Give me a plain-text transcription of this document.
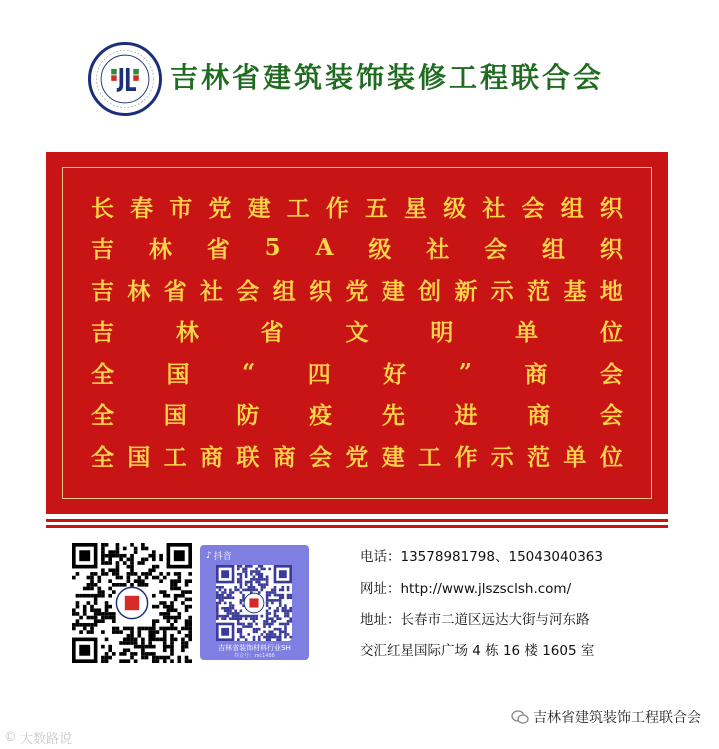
吉林省建筑装饰装修工程联合会
长 春 市 党 建 工 作 五 星 级 社 会 组 织
吉 林 省 5 A 级 社 会 组 织
吉 林 省 社 会 组 织 党 建 创 新 示 范 基 地
吉	林	省	文	明	单	位
全 国 “ 四 好 ” 商 会
全 国 防 疫 先 进 商 会
全 国 工 商 联 商 会 党 建 工 作 示 范 单 位
♪ 抖音
吉林省装饰材料行业SH
抖音号：zsc1488
电话：13578981798、15043040363
网址：http://www.jlszsclsh.com/
地址：长春市二道区远达大街与河东路
交汇红星国际广场 4 栋 16 楼 1605 室
吉林省建筑装饰工程联合会
© 大数路说
